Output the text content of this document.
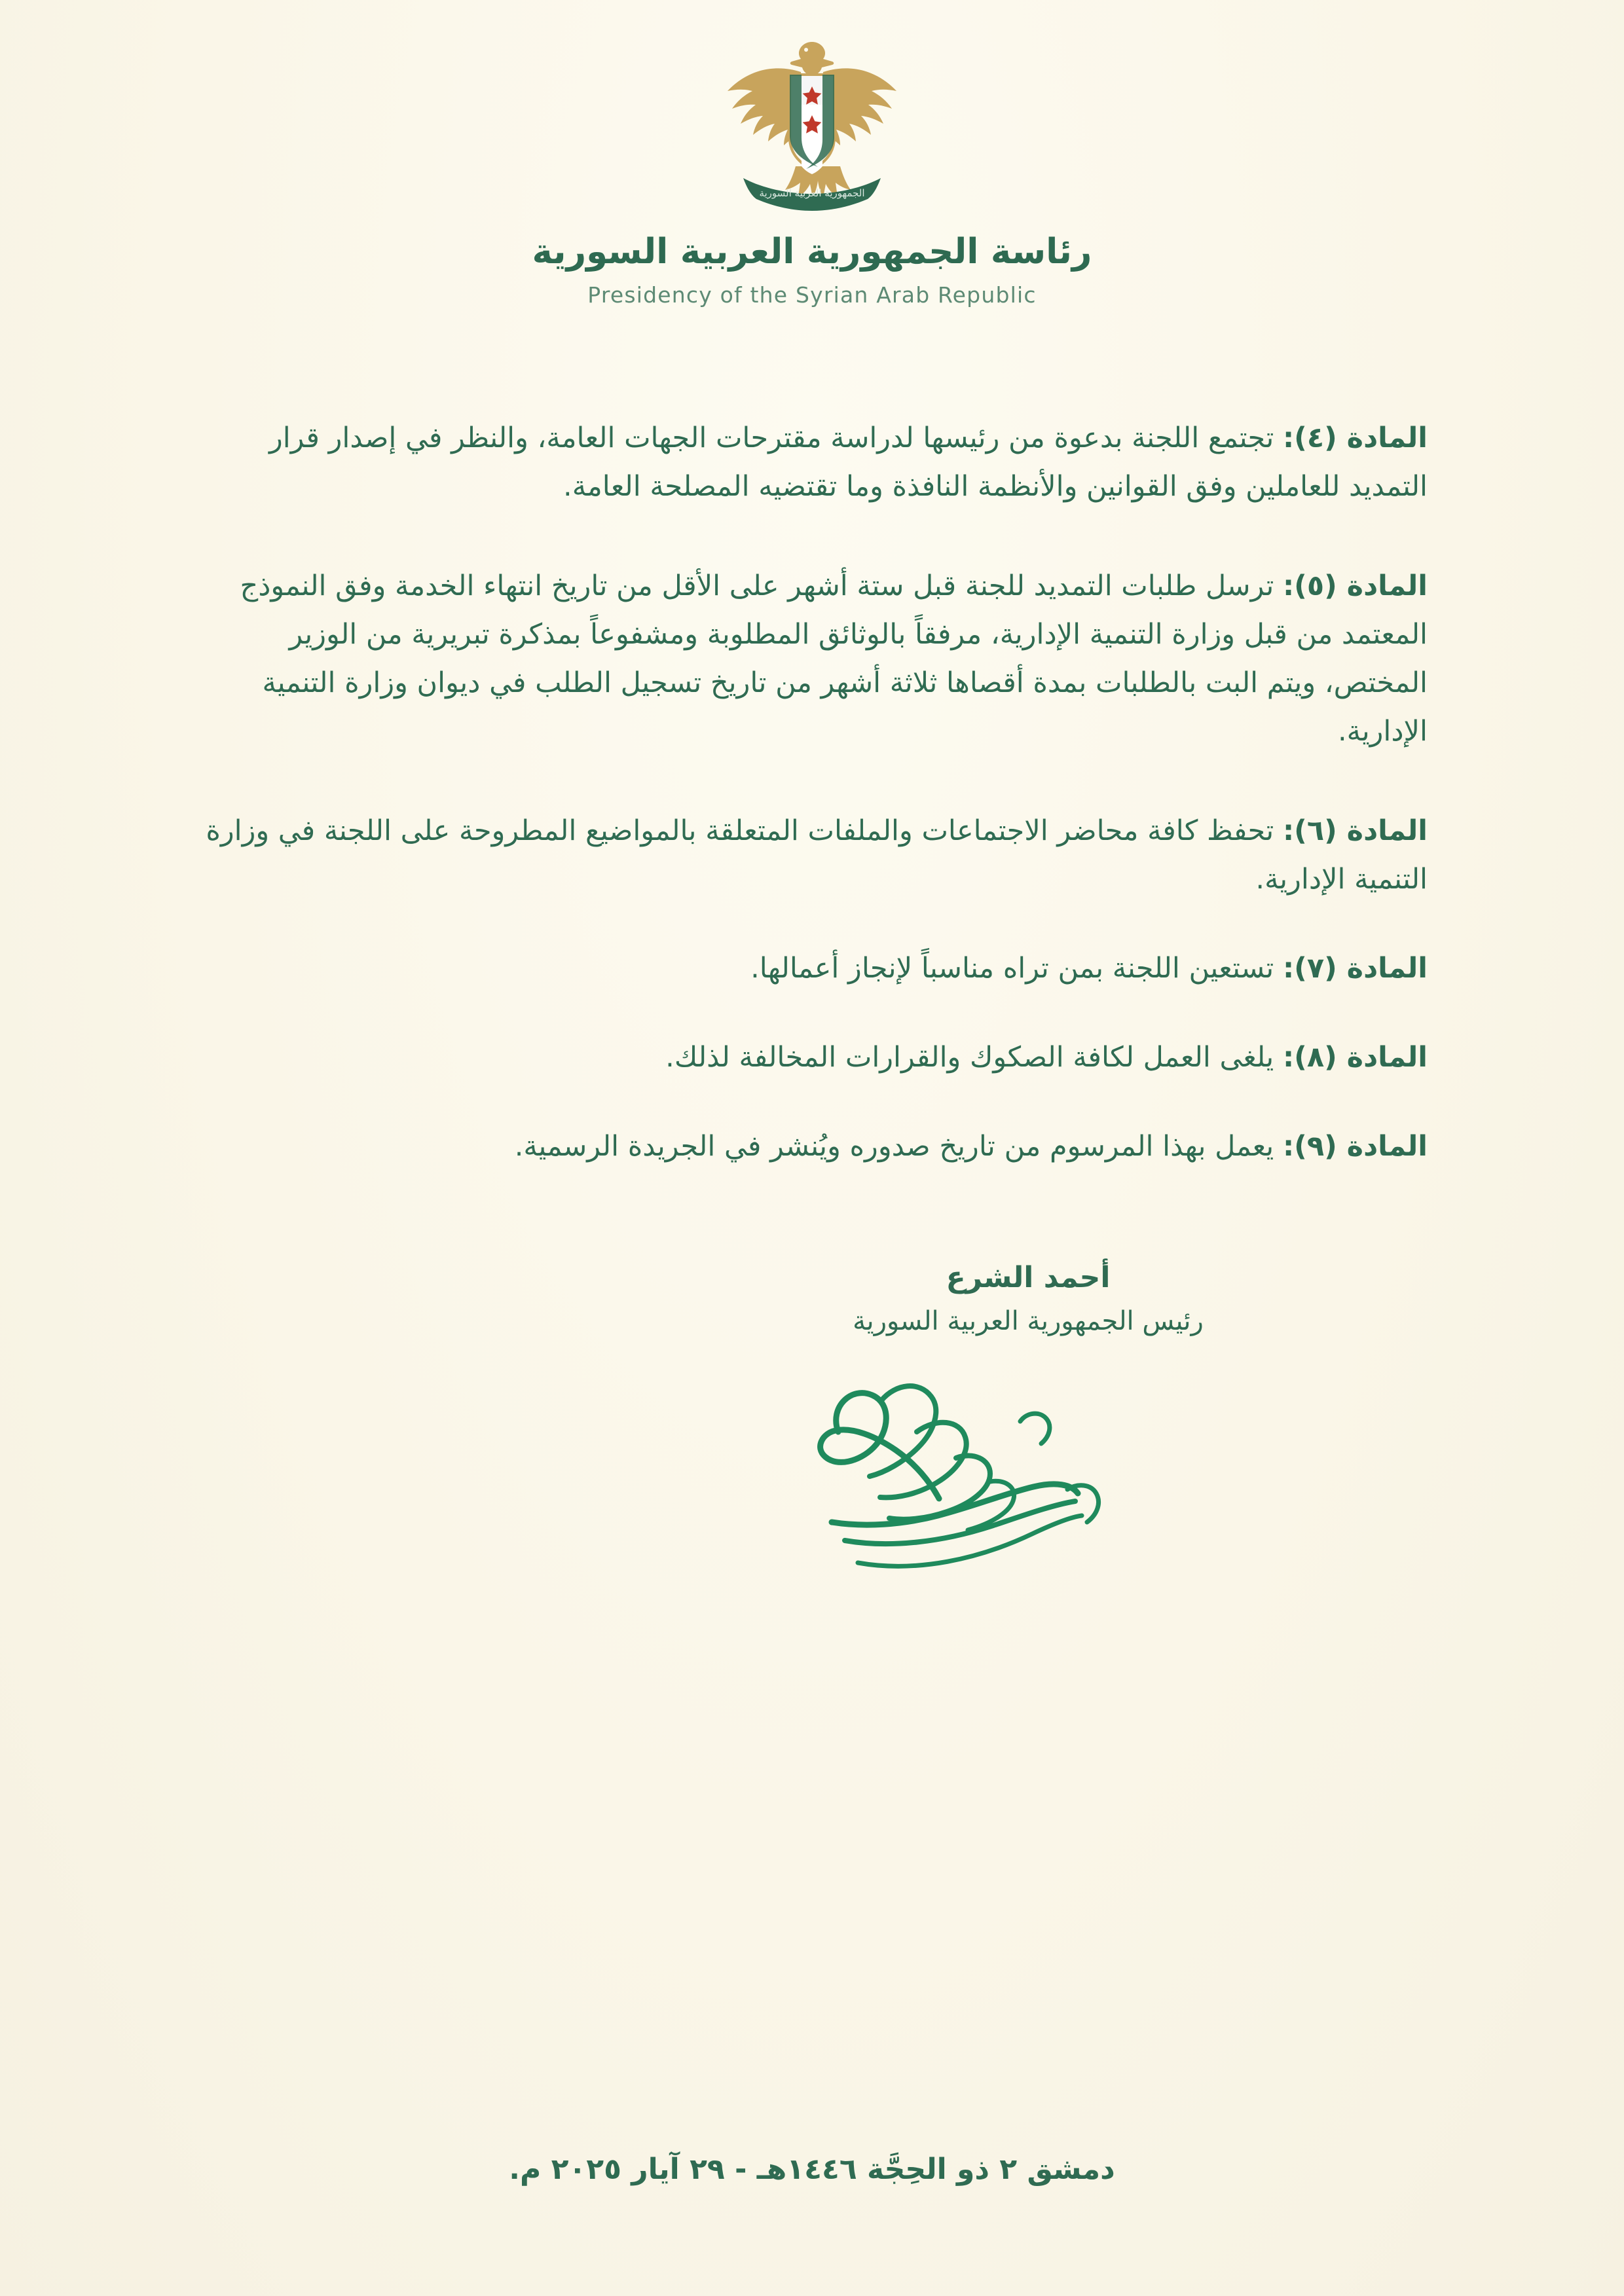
الجمهورية العربية السورية
رئاسة الجمهورية العربية السورية
Presidency of the Syrian Arab Republic

المادة (٤): تجتمع اللجنة بدعوة من رئيسها لدراسة مقترحات الجهات العامة، والنظر في إصدار قرار التمديد للعاملين وفق القوانين والأنظمة النافذة وما تقتضيه المصلحة العامة.

المادة (٥): ترسل طلبات التمديد للجنة قبل ستة أشهر على الأقل من تاريخ انتهاء الخدمة وفق النموذج المعتمد من قبل وزارة التنمية الإدارية، مرفقاً بالوثائق المطلوبة ومشفوعاً بمذكرة تبريرية من الوزير المختص، ويتم البت بالطلبات بمدة أقصاها ثلاثة أشهر من تاريخ تسجيل الطلب في ديوان وزارة التنمية الإدارية.

المادة (٦): تحفظ كافة محاضر الاجتماعات والملفات المتعلقة بالمواضيع المطروحة على اللجنة في وزارة التنمية الإدارية.

المادة (٧): تستعين اللجنة بمن تراه مناسباً لإنجاز أعمالها.

المادة (٨): يلغى العمل لكافة الصكوك والقرارات المخالفة لذلك.

المادة (٩): يعمل بهذا المرسوم من تاريخ صدوره ويُنشر في الجريدة الرسمية.

أحمد الشرع
رئيس الجمهورية العربية السورية
دمشق ٢ ذو الحِجَّة ١٤٤٦هـ - ٢٩ آيار ٢٠٢٥ م.
